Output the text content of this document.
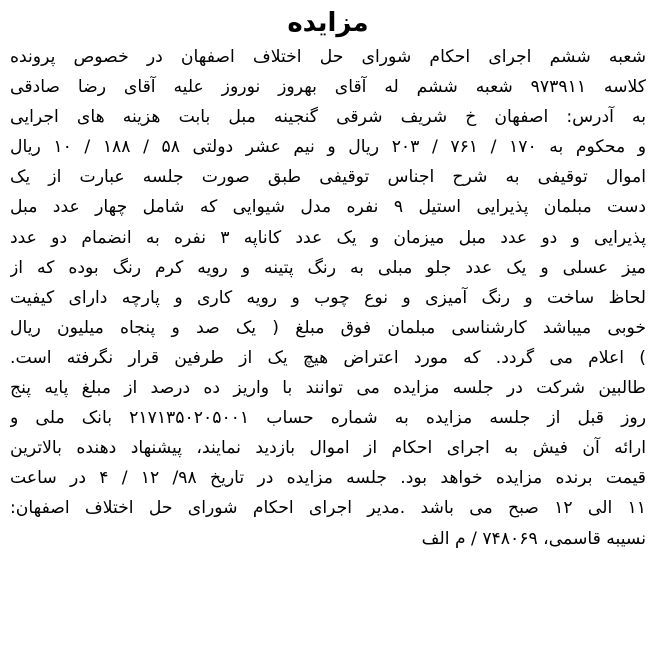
مزایده
شعبه ششم اجرای احکام شورای حل اختلاف اصفهان در خصوص پرونده
کلاسه ۹۷۳۹۱۱ شعبه ششم له آقای بهروز نوروز علیه آقای رضا صادقی
به آدرس: اصفهان خ شریف شرقی گنجینه مبل بابت هزینه های اجرایی
و محکوم به ۱۷۰ / ۷۶۱ / ۲۰۳ ریال و نیم عشر دولتی ۵۸ / ۱۸۸ / ۱۰ ریال
اموال توقیفی به شرح اجناس توقیفی طبق صورت جلسه عبارت از یک
دست مبلمان پذیرایی استیل ۹ نفره مدل شیوایی که شامل چهار عدد مبل
پذیرایی و دو عدد مبل میزمان و یک عدد کاناپه ۳ نفره به انضمام دو عدد
میز عسلی و یک عدد جلو مبلی به رنگ پتینه و رویه کرم رنگ بوده که از
لحاظ ساخت و رنگ آمیزی و نوع چوب و رویه کاری و پارچه دارای کیفیت
خوبی میباشد کارشناسی مبلمان فوق مبلغ ( یک صد و پنجاه میلیون ریال
) اعلام می گردد. که مورد اعتراض هیچ یک از طرفین قرار نگرفته است.
طالبین شرکت در جلسه مزایده می توانند با واریز ده درصد از مبلغ پایه پنج
روز قبل از جلسه مزایده به شماره حساب ۲۱۷۱۳۵۰۲۰۵۰۰۱ بانک ملی و
ارائه آن فیش به اجرای احکام از اموال بازدید نمایند، پیشنهاد دهنده بالاترین
قیمت برنده مزایده خواهد بود. جلسه مزایده در تاریخ ۹۸/ ۱۲ / ۴ در ساعت
۱۱ الی ۱۲ صبح می باشد .مدیر اجرای احکام شورای حل اختلاف اصفهان:
نسیبه قاسمی، ۷۴۸۰۶۹ / م الف
